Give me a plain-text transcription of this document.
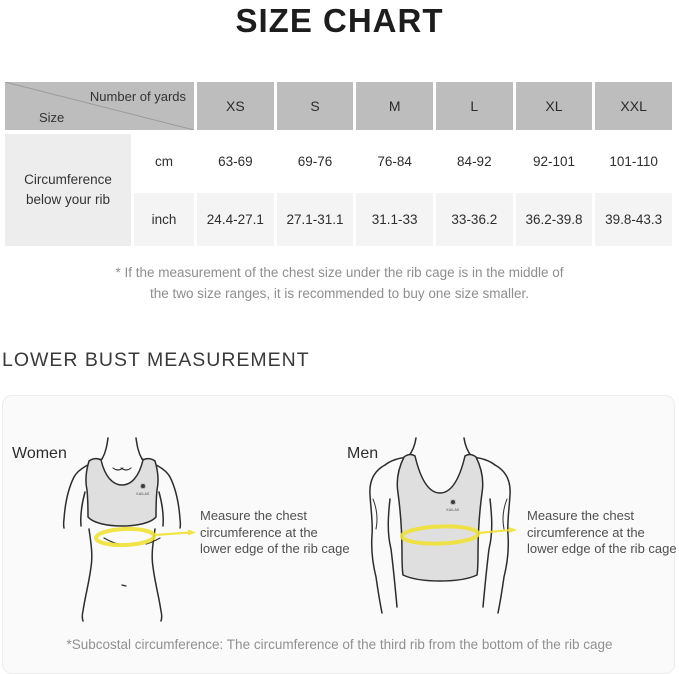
SIZE CHART
Number of yards
Size
XS	S	M	L	XL	XXL
Circumference below your rib
cm	63-69	69-76	76-84	84-92	92-101	101-110
inch	24.4-27.1	27.1-31.1	31.1-33	33-36.2	36.2-39.8	39.8-43.3
* If the measurement of the chest size under the rib cage is in the middle of
the two size ranges, it is recommended to buy one size smaller.
LOWER BUST MEASUREMENT
Women	Men
✹
KAILAS
✹
KAILAS
Measure the chest
circumference at the
lower edge of the rib cage
Measure the chest
circumference at the
lower edge of the rib cage
*Subcostal circumference: The circumference of the third rib from the bottom of the rib cage
